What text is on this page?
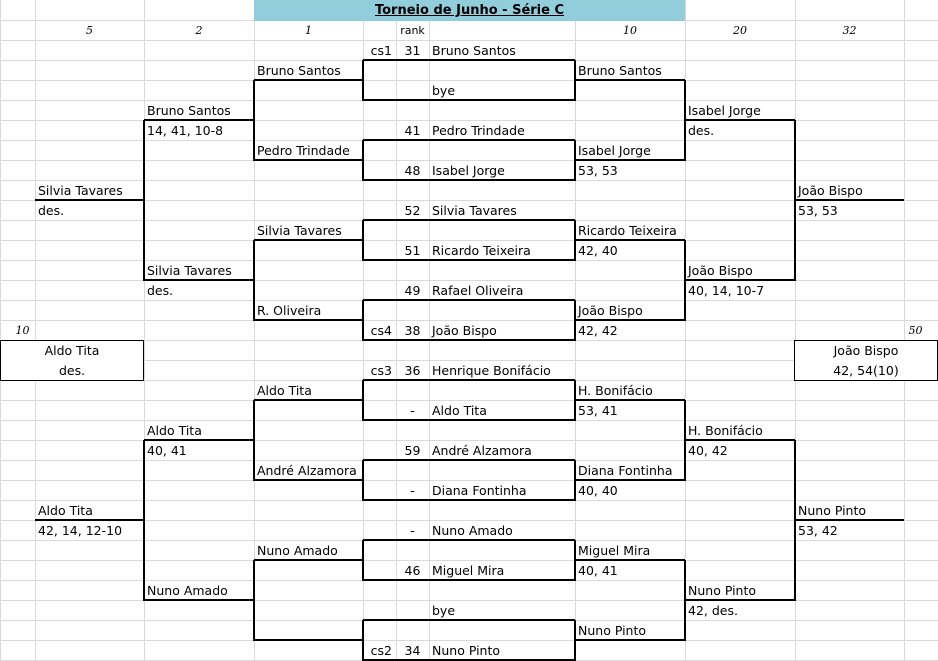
Torneio de Junho - Série C
5	2	1	rank	10	20	32
10	50
cs1	31 Bruno Santos
bye
41 Pedro Trindade
48 Isabel Jorge
52 Silvia Tavares
51 Ricardo Teixeira
49 Rafael Oliveira
cs4	38 João Bispo
cs3	36 Henrique Bonifácio
-	Aldo Tita
59 André Alzamora
-	Diana Fontinha
-	Nuno Amado
46 Miguel Mira
bye
cs2	34 Nuno Pinto
Bruno Santos
Pedro Trindade
Silvia Tavares
R. Oliveira
Aldo Tita
André Alzamora
Nuno Amado
Bruno Santos
Isabel Jorge
53, 53
Ricardo Teixeira
42, 40
João Bispo
42, 42
H. Bonifácio
53, 41
Diana Fontinha
40, 40
Miguel Mira
40, 41
Nuno Pinto
Bruno Santos
14, 41, 10-8
Silvia Tavares
des.
Aldo Tita
40, 41
Nuno Amado
Isabel Jorge
des.
João Bispo
40, 14, 10-7
H. Bonifácio
40, 42
Nuno Pinto
42, des.
Silvia Tavares
des.
Aldo Tita
42, 14, 12-10
João Bispo
53, 53
Nuno Pinto
53, 42
Aldo Tita
des.
João Bispo
42, 54(10)
